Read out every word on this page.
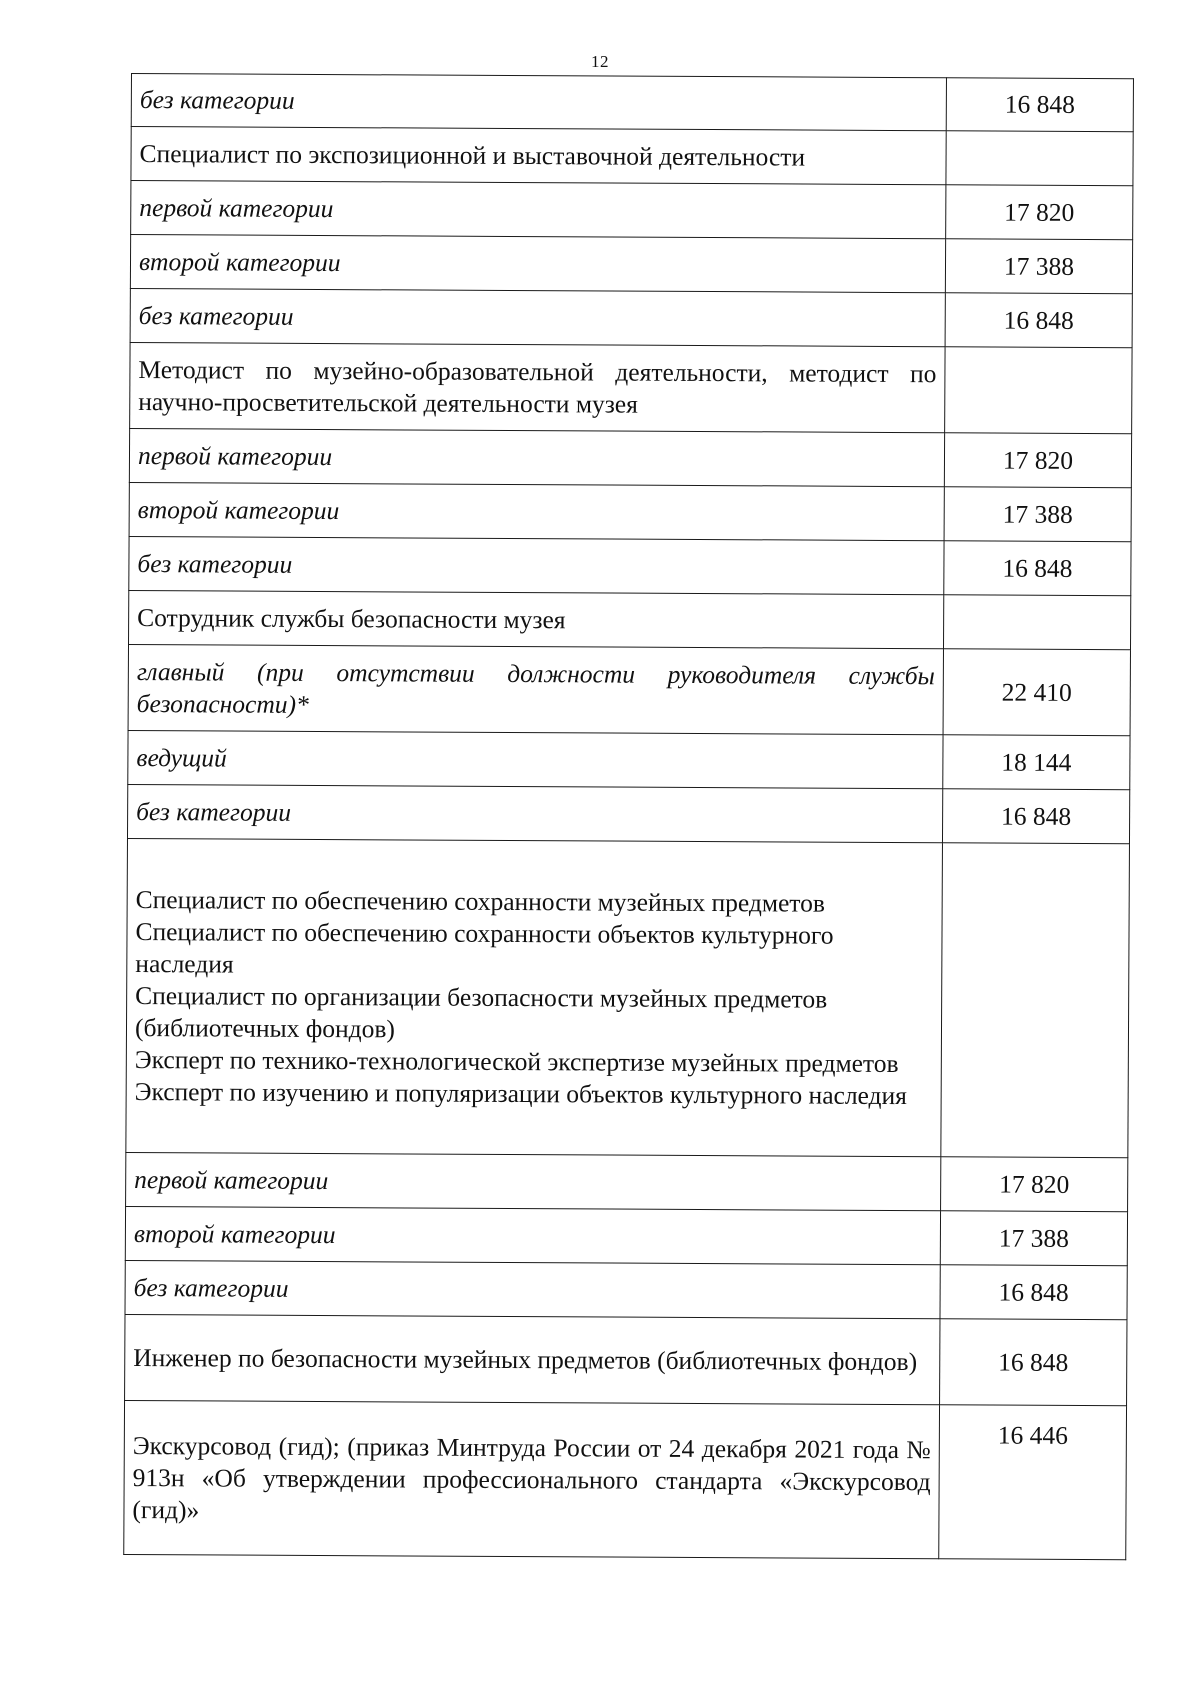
12
без категории	16 848
Специалист по экспозиционной и выставочной деятельности	
первой категории	17 820
второй категории	17 388
без категории	16 848
Методист по музейно-образовательной деятельности, методист по научно-просветительской деятельности музея	
первой категории	17 820
второй категории	17 388
без категории	16 848
Сотрудник службы безопасности музея	
главный (при отсутствии должности руководителя службы безопасности)*	22 410
ведущий	18 144
без категории	16 848

Специалист по обеспечению сохранности музейных предметов
Специалист по обеспечению сохранности объектов культурного наследия
Специалист по организации безопасности музейных предметов (библиотечных фондов)
Эксперт по технико-технологической экспертизе музейных предметов
Эксперт по изучению и популяризации объектов культурного наследия	

первой категории	17 820
второй категории	17 388
без категории	16 848
Инженер по безопасности музейных предметов (библиотечных фондов)	16 848
Экскурсовод (гид); (приказ Минтруда России от 24 декабря 2021 года № 913н «Об утверждении профессионального стандарта «Экскурсовод (гид)»	16 446
